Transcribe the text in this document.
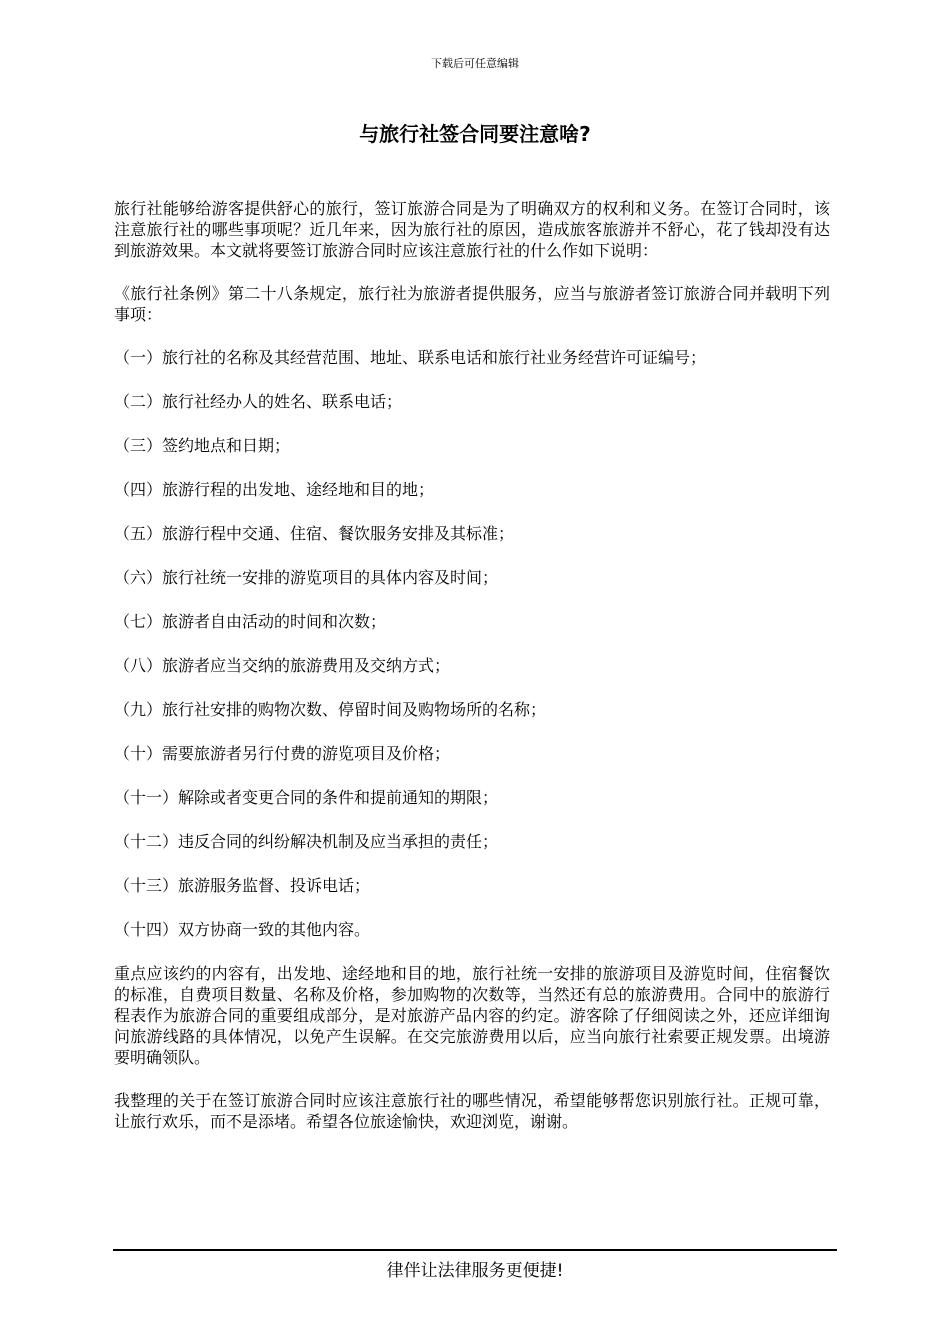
下载后可任意编辑
与旅行社签合同要注意啥?

旅行社能够给游客提供舒心的旅行，签订旅游合同是为了明确双方的权利和义务。在签订合同时，该注意旅行社的哪些事项呢？近几年来，因为旅行社的原因，造成旅客旅游并不舒心，花了钱却没有达到旅游效果。本文就将要签订旅游合同时应该注意旅行社的什么作如下说明：

《旅行社条例》第二十八条规定，旅行社为旅游者提供服务，应当与旅游者签订旅游合同并载明下列事项：

（一）旅行社的名称及其经营范围、地址、联系电话和旅行社业务经营许可证编号；
（二）旅行社经办人的姓名、联系电话；
（三）签约地点和日期；
（四）旅游行程的出发地、途经地和目的地；
（五）旅游行程中交通、住宿、餐饮服务安排及其标准；
（六）旅行社统一安排的游览项目的具体内容及时间；
（七）旅游者自由活动的时间和次数；
（八）旅游者应当交纳的旅游费用及交纳方式；
（九）旅行社安排的购物次数、停留时间及购物场所的名称；
（十）需要旅游者另行付费的游览项目及价格；
（十一）解除或者变更合同的条件和提前通知的期限；
（十二）违反合同的纠纷解决机制及应当承担的责任；
（十三）旅游服务监督、投诉电话；
（十四）双方协商一致的其他内容。

重点应该约的内容有，出发地、途经地和目的地，旅行社统一安排的旅游项目及游览时间，住宿餐饮的标准，自费项目数量、名称及价格，参加购物的次数等，当然还有总的旅游费用。合同中的旅游行程表作为旅游合同的重要组成部分，是对旅游产品内容的约定。游客除了仔细阅读之外，还应详细询问旅游线路的具体情况，以免产生误解。在交完旅游费用以后，应当向旅行社索要正规发票。出境游要明确领队。

我整理的关于在签订旅游合同时应该注意旅行社的哪些情况，希望能够帮您识别旅行社。正规可靠，让旅行欢乐，而不是添堵。希望各位旅途愉快，欢迎浏览，谢谢。

律伴让法律服务更便捷!
